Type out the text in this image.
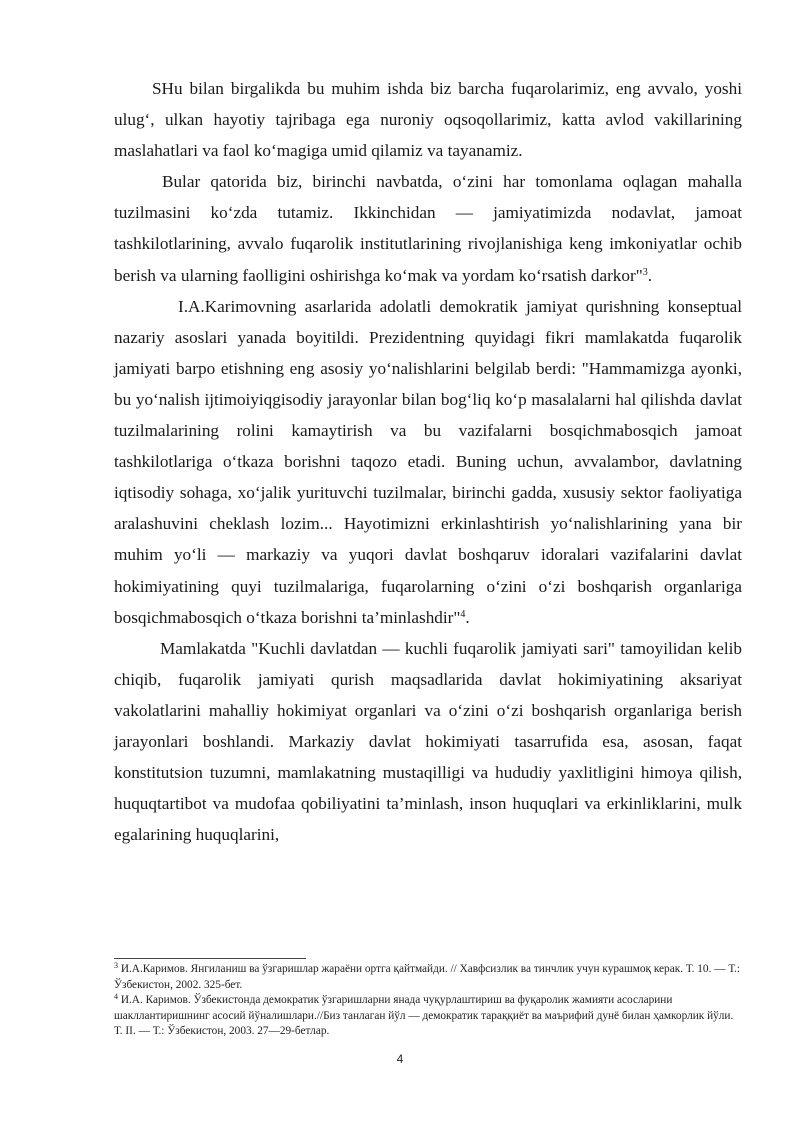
SHu bilan birgalikda bu muhim ishda biz barcha fuqarolarimiz, eng avvalo, yoshi ulug‘, ulkan hayotiy tajribaga ega nuroniy oqsoqollarimiz, katta avlod vakillarining maslahatlari va faol ko‘magiga umid qilamiz va tayanamiz.

Bular qatorida biz, birinchi navbatda, o‘zini har tomonlama oqlagan mahalla tuzilmasini ko‘zda tutamiz. Ikkinchidan — jamiyatimizda nodavlat, jamoat tashkilotlarining, avvalo fuqarolik institutlarining rivojlanishiga keng imkoniyatlar ochib berish va ularning faolligini oshirishga ko‘mak va yordam ko‘rsatish darkor"$^3$.

I.A.Karimovning asarlarida adolatli demokratik jamiyat qurishning konseptual nazariy asoslari yanada boyitildi. Prezidentning quyidagi fikri mamlakatda fuqarolik jamiyati barpo etishning eng asosiy yo‘nalishlarini belgilab berdi: "Hammamizga ayonki, bu yo‘nalish ijtimoiyiqgisodiy jarayonlar bilan bog‘liq ko‘p masalalarni hal qilishda davlat tuzilmalarining rolini kamaytirish va bu vazifalarni bosqichmabosqich jamoat tashkilotlariga o‘tkaza borishni taqozo etadi. Buning uchun, avvalambor, davlatning iqtisodiy sohaga, xo‘jalik yurituvchi tuzilmalar, birinchi gadda, xususiy sektor faoliyatiga aralashuvini cheklash lozim... Hayotimizni erkinlashtirish yo‘nalishlarining yana bir muhim yo‘li — markaziy va yuqori davlat boshqaruv idoralari vazifalarini davlat hokimiyatining quyi tuzilmalariga, fuqarolarning o‘zini o‘zi boshqarish organlariga bosqichmabosqich o‘tkaza borishni ta’minlashdir"$^4$.

Mamlakatda "Kuchli davlatdan — kuchli fuqarolik jamiyati sari" tamoyilidan kelib chiqib, fuqarolik jamiyati qurish maqsadlarida davlat hokimiyatining aksariyat vakolatlarini mahalliy hokimiyat organlari va o‘zini o‘zi boshqarish organlariga berish jarayonlari boshlandi. Markaziy davlat hokimiyati tasarrufida esa, asosan, faqat konstitutsion tuzumni, mamlakatning mustaqilligi va hududiy yaxlitligini himoya qilish, huquqtartibot va mudofaa qobiliyatini ta’minlash, inson huquqlari va erkinliklarini, mulk egalarining huquqlarini,

$^3$ И.А.Каримов. Янгиланиш ва ўзгаришлар жараёни ортга қайтмайди. // Хавфсизлик ва тинчлик учун курашмоқ керак. Т. 10. — Т.: Ўзбекистон, 2002. 325-бет.

$^4$ И.А. Каримов. Ўзбекистонда демократик ўзгаришларни янада чуқурлаштириш ва фуқаролик жамияти асосларини шакллантиришнинг асосий йўналишлари.//Биз танлаган йўл — демократик тараққиёт ва маърифий дунё билан ҳамкорлик йўли. Т. II. — Т.: Ўзбекистон, 2003. 27—29-бетлар.

4
